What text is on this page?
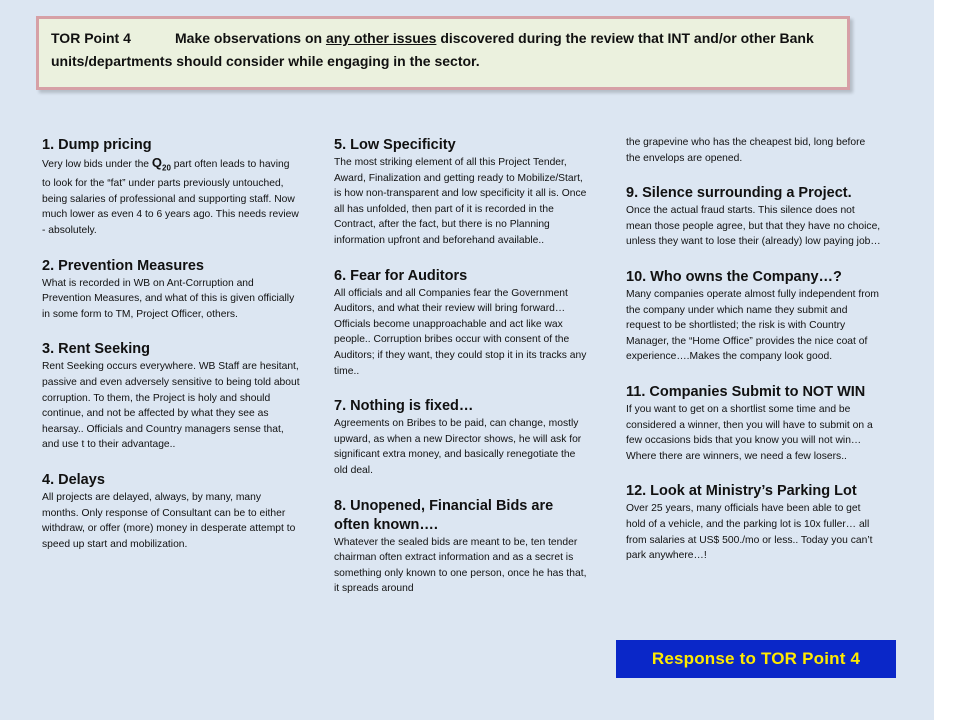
TOR Point 4	Make observations on any other issues discovered during the review that INT and/or other Bank units/departments should consider while engaging in the sector.
1. Dump pricing

Very low bids under the $Q_{20}$ part often leads to having to look for the “fat” under parts previously untouched, being salaries of professional and supporting staff. Now much lower as even 4 to 6 years ago. This needs review - absolutely.

2. Prevention Measures

What is recorded in WB on Ant-Corruption and Prevention Measures, and what of this is given officially in some form to TM, Project Officer, others.

3. Rent Seeking

Rent Seeking occurs everywhere. WB Staff are hesitant, passive and even adversely sensitive to being told about corruption. To them, the Project is holy and should continue, and not be affected by what they see as hearsay.. Officials and Country managers sense that, and use t to their advantage..

4. Delays

All projects are delayed, always, by many, many months. Only response of Consultant can be to either withdraw, or offer (more) money in desperate attempt to speed up start and mobilization.

5. Low Specificity

The most striking element of all this Project Tender, Award, Finalization and getting ready to Mobilize/Start, is how non-transparent and low specificity it all is. Once all has unfolded, then part of it is recorded in the Contract, after the fact, but there is no Planning information upfront and beforehand available..

6. Fear for Auditors

All officials and all Companies fear the Government Auditors, and what their review will bring forward… Officials become unapproachable and act like wax people.. Corruption bribes occur with consent of the Auditors; if they want, they could stop it in its tracks any time..

7. Nothing is fixed…

Agreements on Bribes to be paid, can change, mostly upward, as when a new Director shows, he will ask for significant extra money, and basically renegotiate the old deal.

8. Unopened, Financial Bids are often known….

Whatever the sealed bids are meant to be, ten tender chairman often extract information and as a secret is something only known to one person, once he has that, it spreads around

the grapevine who has the cheapest bid, long before the envelops are opened.

9. Silence surrounding a Project.

Once the actual fraud starts. This silence does not mean those people agree, but that they have no choice, unless they want to lose their (already) low paying job…

10. Who owns the Company…?

Many companies operate almost fully independent from the company under which name they submit and request to be shortlisted; the risk is with Country Manager, the “Home Office” provides the nice coat of experience….Makes the company look good.

11. Companies Submit to NOT WIN

If you want to get on a shortlist some time and be considered a winner, then you will have to submit on a few occasions bids that you know you will not win… Where there are winners, we need a few losers..

12. Look at Ministry’s Parking Lot

Over 25 years, many officials have been able to get hold of a vehicle, and the parking lot is 10x fuller… all from salaries at US$ 500./mo or less.. Today you can’t park anywhere…!

Response to TOR Point 4
